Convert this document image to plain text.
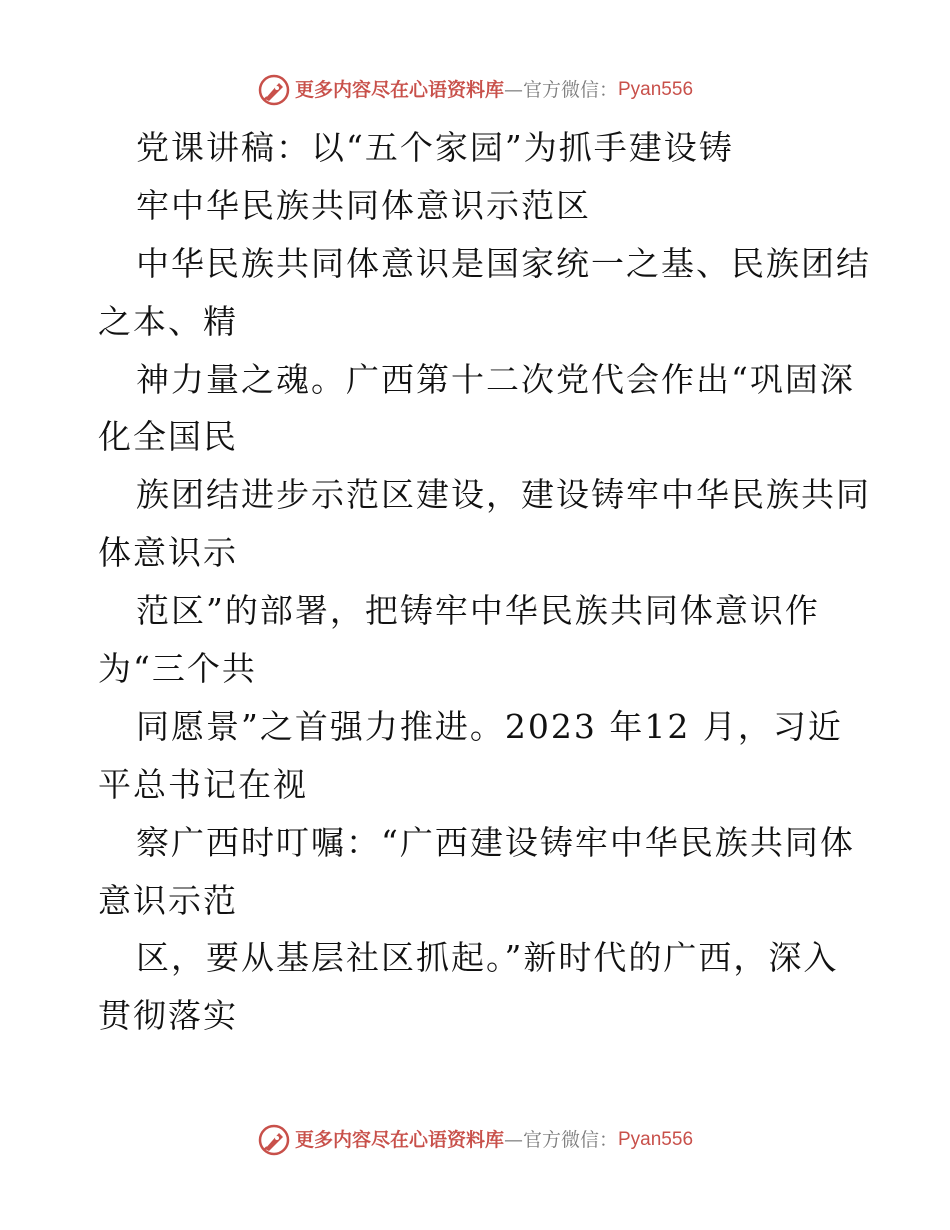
更多内容尽在心语资料库 — 官方微信： Pyan556
党课讲稿：以“五个家园”为抓手建设铸
牢中华民族共同体意识示范区
中华民族共同体意识是国家统一之基、民族团结
之本、精
神力量之魂。广西第十二次党代会作出“巩固深
化全国民
族团结进步示范区建设，建设铸牢中华民族共同
体意识示
范区”的部署，把铸牢中华民族共同体意识作
为“三个共
同愿景”之首强力推进。2023 年12 月，习近
平总书记在视
察广西时叮嘱：“广西建设铸牢中华民族共同体
意识示范
区，要从基层社区抓起。”新时代的广西，深入
贯彻落实
更多内容尽在心语资料库 — 官方微信： Pyan556
